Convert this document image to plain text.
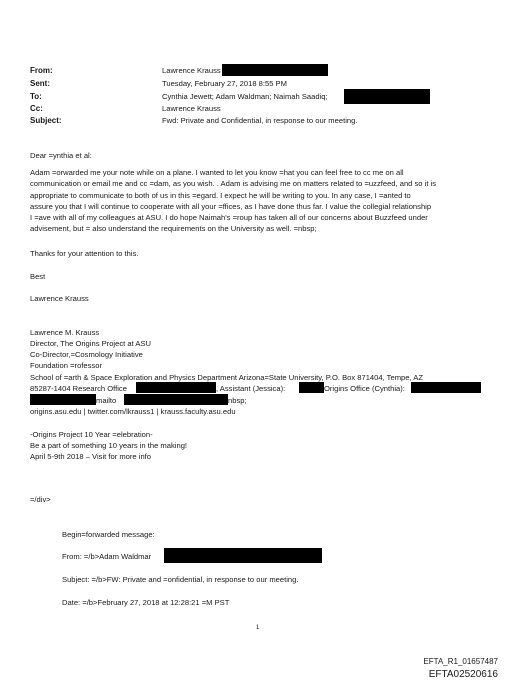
From:	Lawrence Krauss
Sent:	Tuesday, February 27, 2018 8:55 PM
To:	Cynthia Jewett; Adam Waldman; Naimah Saadiq;
Cc:	Lawrence Krauss
Subject:	Fwd: Private and Confidential, in response to our meeting.
Dear =ynthia et al:
Adam =orwarded me your note while on a plane. I wanted to let you know =hat you can feel free to cc me on all
communication or email me and cc =dam, as you wish. . Adam is advising me on matters related to =uzzfeed, and so it is
appropriate to communicate to both of us in this =egard. I expect he will be writing to you. In any case, I =anted to
assure you that I will continue to cooperate with all your =ffices, as I have done thus far. I value the collegial relationship
I =ave with all of my colleagues at ASU. I do hope Naimah's =roup has taken all of our concerns about Buzzfeed under
advisement, but = also understand the requirements on the University as well. =nbsp;
Thanks for your attention to this.
Best
Lawrence Krauss
Lawrence M. Krauss
Director, The Origins Project at ASU
Co-Director,=Cosmology Initiative
Foundation =rofessor
School of =arth & Space Exploration and Physics Department Arizona=State University, P.O. Box 871404, Tempe, AZ
85287-1404 Research Office	, Assistant (Jessica):	Origins Office (Cynthia):
mailto	nbsp;
origins.asu.edu | twitter.com/lkrauss1 | krauss.faculty.asu.edu
-Origins Project 10 Year =elebration-
Be a part of something 10 years in the making!
April 5-9th 2018 – Visit for more info
=/div>
Begin=forwarded message:
From: =/b>Adam Waldmar
Subject: =/b>FW: Private and =onfidential, in response to our meeting.
Date: =/b>February 27, 2018 at 12:28:21 =M PST
1
EFTA_R1_01657487
EFTA02520616
